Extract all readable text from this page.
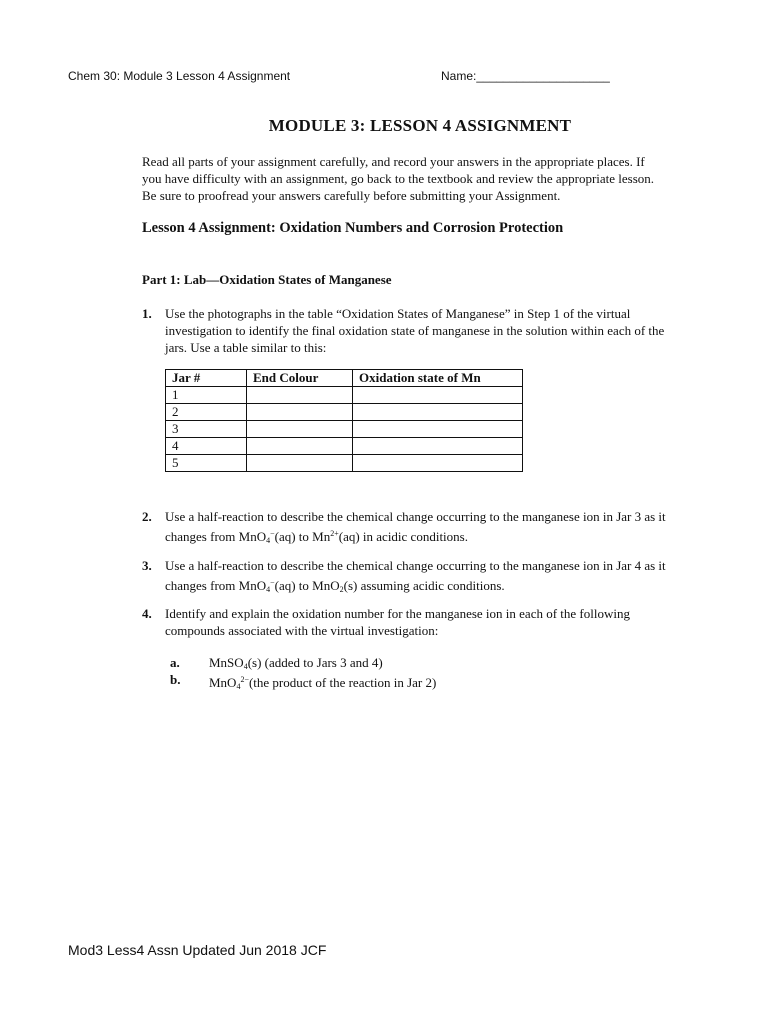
Chem 30: Module 3 Lesson 4 Assignment	Name:____________________
MODULE 3: LESSON 4 ASSIGNMENT
Read all parts of your assignment carefully, and record your answers in the appropriate places. If
you have difficulty with an assignment, go back to the textbook and review the appropriate lesson.
Be sure to proofread your answers carefully before submitting your Assignment.
Lesson 4 Assignment: Oxidation Numbers and Corrosion Protection
Part 1: Lab—Oxidation States of Manganese
1. Use the photographs in the table “Oxidation States of Manganese” in Step 1 of the virtual
investigation to identify the final oxidation state of manganese in the solution within each of the
jars. Use a table similar to this:
Jar #	End Colour	Oxidation state of Mn
1		
2		
3		
4		
5		
2. Use a half-reaction to describe the chemical change occurring to the manganese ion in Jar 3 as it
changes from MnO$_4$−(aq) to $Mn^{2+}(aq)$ in acidic conditions.
3. Use a half-reaction to describe the chemical change occurring to the manganese ion in Jar 4 as it
changes from MnO$_4$−(aq) to MnO$_2$(s) assuming acidic conditions.
4. Identify and explain the oxidation number for the manganese ion in each of the following
compounds associated with the virtual investigation:
a. MnSO$_4$(s) (added to Jars 3 and 4)
b. MnO$_4^{2-}$(the product of the reaction in Jar 2)
Mod3 Less4 Assn Updated Jun 2018 JCF
